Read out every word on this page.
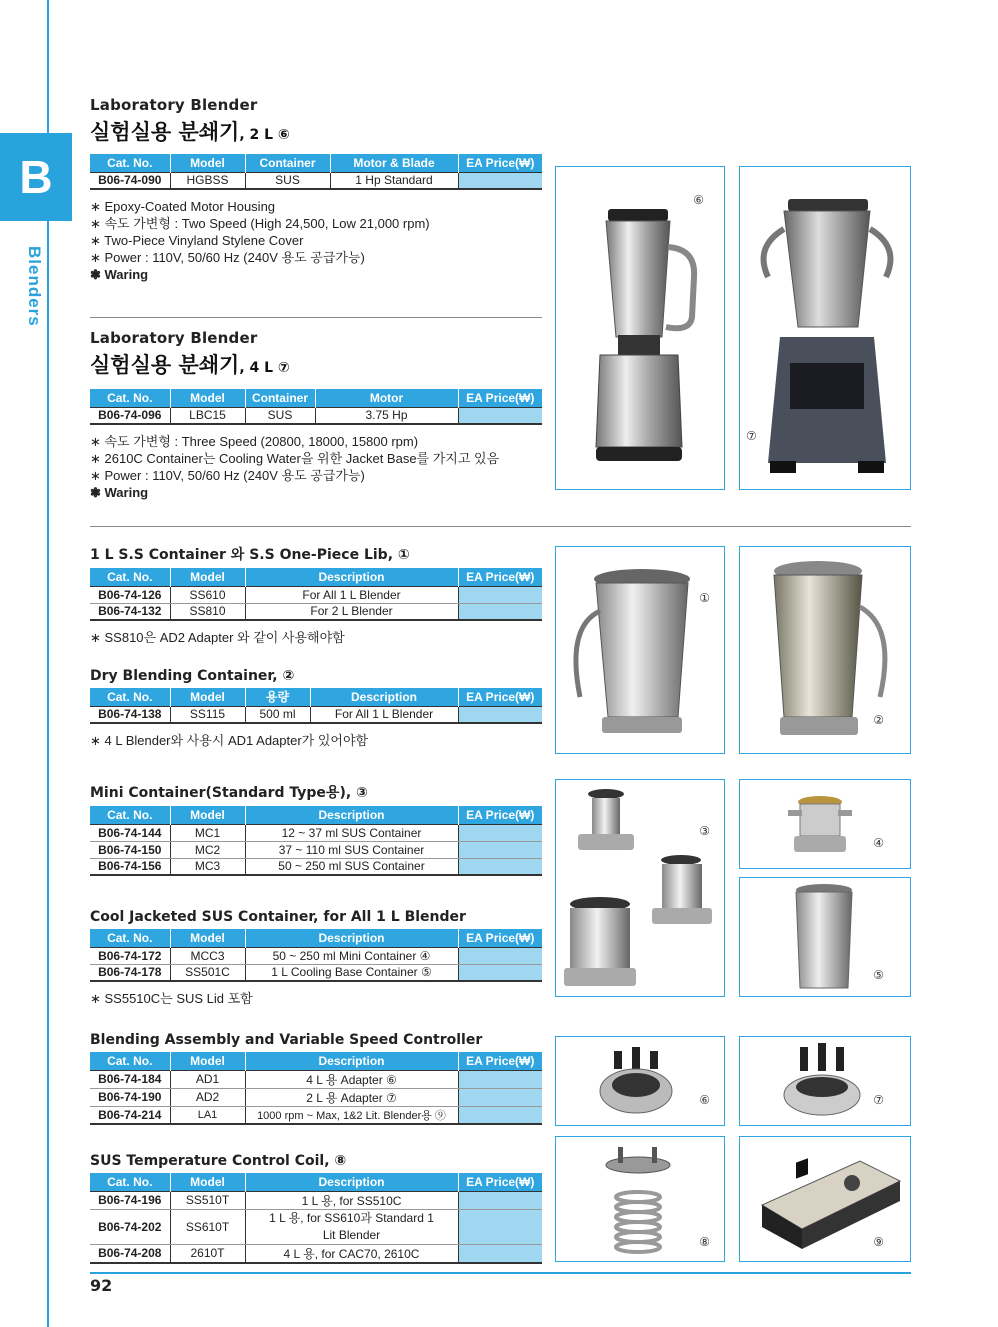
B
Blenders
Laboratory Blender
실험실용 분쇄기, 2 L ⑥
Cat. No.	Model	Container	Motor & Blade	EA Price(₩)
B06-74-090	HGBSS	SUS	1 Hp Standard	
∗ Epoxy-Coated Motor Housing
∗ 속도 가변형 : Two Speed (High 24,500, Low 21,000 rpm)
∗ Two-Piece Vinyland Stylene Cover
∗ Power : 110V, 50/60 Hz (240V 용도 공급가능)
❃ Waring
Laboratory Blender
실험실용 분쇄기, 4 L ⑦
Cat. No.	Model	Container	Motor	EA Price(₩)
B06-74-096	LBC15	SUS	3.75 Hp	
∗ 속도 가변형 : Three Speed (20800, 18000, 15800 rpm)
∗ 2610C Container는 Cooling Water을 위한 Jacket Base를 가지고 있음
∗ Power : 110V, 50/60 Hz (240V 용도 공급가능)
❃ Waring
1 L S.S Container 와 S.S One-Piece Lib, ①
Cat. No.	Model	Description	EA Price(₩)
B06-74-126	SS610	For All 1 L Blender	
B06-74-132	SS810	For 2 L Blender	
∗ SS810은 AD2 Adapter 와 같이 사용해야함
Dry Blending Container, ②
Cat. No.	Model	용량	Description	EA Price(₩)
B06-74-138	SS115	500 ml	For All 1 L Blender	
∗ 4 L Blender와 사용시 AD1 Adapter가 있어야함
Mini Container(Standard Type용), ③
Cat. No.	Model	Description	EA Price(₩)
B06-74-144	MC1	12 ~ 37 ml SUS Container	
B06-74-150	MC2	37 ~ 110 ml SUS Container	
B06-74-156	MC3	50 ~ 250 ml SUS Container	
Cool Jacketed SUS Container, for All 1 L Blender
Cat. No.	Model	Description	EA Price(₩)
B06-74-172	MCC3	50 ~ 250 ml Mini Container ④	
B06-74-178	SS501C	1 L Cooling Base Container ⑤	
∗ SS5510C는 SUS Lid 포함
Blending Assembly and Variable Speed Controller
Cat. No.	Model	Description	EA Price(₩)
B06-74-184	AD1	4 L 용 Adapter ⑥	
B06-74-190	AD2	2 L 용 Adapter ⑦	
B06-74-214	LA1	1000 rpm ~ Max, 1&2 Lit. Blender용 ⑨	
SUS Temperature Control Coil, ⑧
Cat. No.	Model	Description	EA Price(₩)
B06-74-196	SS510T	1 L 용, for SS510C	
B06-74-202	SS610T	1 L 용, for SS610과 Standard 1 Lit Blender	
B06-74-208	2610T	4 L 용, for CAC70, 2610C	
⑥
⑦
①
②
③
④
⑤
⑥	⑦
⑧	⑨
92
